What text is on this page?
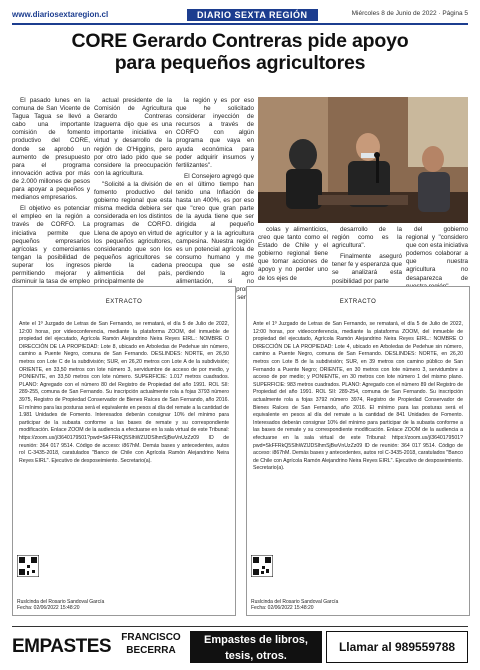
www.diariosextaregion.cl	DIARIO SEXTA REGIÓN	Miércoles 8 de Junio de 2022 · Página 5
CORE Gerardo Contreras pide apoyo
para pequeños agricultores

El pasado lunes en la comuna de San Vicente de Tagua Tagua se llevó a cabo una importante comisión de fomento productivo del CORE, donde se aprobó un aumento de presupuesto para el programa innovación activa por más de 2.000 millones de pesos para apoyar a pequeños y medianos empresarios.

El objetivo es potenciar el empleo en la región a través de CORFO. La iniciativa permite que pequeños empresarios agrícolas y comerciantes tengan la posibilidad de superar los ingresos permitiendo mejorar y disminuir la tasa de empleo

actual presidente de la Comisión de Agricultura Gerardo Contreras Izaguerra dijo que es una importante iniciativa en virtud y desarrollo de la región de O'Higgins, pero por otro lado pido que se considere la preocupación con la agricultura.

"Solicité a la división de fomento productivo del gobierno regional que esta misma medida debiera ser considerada en los distintos programas de CORFO. Llena de apoyo en virtud de los pequeños agricultores, considerando que son los pequeños agricultores se pierde la cadena alimenticia del país, principalmente de

la región y es por eso que he solicitado considerar inyección de recursos a través de CORFO con algún programa que vaya en ayuda económica para poder adquirir insumos y fertilizantes".

El Consejero agregó que en el último tiempo han tenido una Inflación de hasta un 400%, es por eso que "creo que gran parte de la ayuda tiene que ser dirigida al pequeño agricultor y a la agricultura campesina. Nuestra región es un potencial agrícola de consumo humano y me preocupa que se esté perdiendo la agro alimentación, si no

colas y alimenticios, creo que tanto como el Estado de Chile y el gobierno regional tiene que tomar acciones de apoyo y no perder uno de los ejes de

desarrollo de la región como es la agricultura".

Finalmente aseguró tener fe y esperanza que se analizará esta posibilidad por parte

del gobierno regional y "considero que con esta iniciativa podemos colaborar a que nuestra agricultura no desaparezca de

EXTRACTO
Ante el 1º Juzgado de Letras de San Fernando, se rematará, el día 5 de Julio de 2022, 12:00 horas, por videoconferencia, mediante la plataforma ZOOM, del inmueble de propiedad del ejecutado, Agrícola Ramón Alejandrino Neira Reyes EIRL.: NOMBRE O DIRECCIÓN DE LA PROPIEDAD: Lote 8, ubicado en Arboledas de Pedehue sin número, camino a Puente Negro, comuna de San Fernando. DESLINDES: NORTE, en 26,50 metros con Lote C de la subdivisión; SUR, en 26,20 metros con Lote A de la subdivisión; ORIENTE, en 33,50 metros con lote número 3, servidumbre de acceso de por medio, y PONIENTE, en 33,50 metros con lote número. SUPERFICIE: 1.017 metros cuadrados. PLANO: Agregado con el número 80 del Registro de Propiedad del año 1991. ROL SII: 289-255, comuna de San Fernando. Su inscripción actualmente rola a fojas 3793 número 3975, Registro de Propiedad Conservador de Bienes Raíces de San Fernando, año 2016. El mínimo para las posturas será el equivalente en pesos al día del remate a la cantidad de 1.981 Unidades de Fomento. Interesados deberán consignar 10% del mínimo para participar de la subasta conforme a las bases de remate y su correspondiente modificación. Enlace ZOOM de la audiencia a efectuarse en la sala virtual de este Tribunal: https://zoom.us/j/3640179501?pwd=SkFFRkQ5SlhWZlJDSlhmSjBwVnUzZz09 ID de reunión: 364 017 9514. Código de acceso: i867hM. Demás bases y antecedentes, autos rol C-3435-2018, caratulados "Banco de Chile con Agrícola Ramón Alejandrino Neira Reyes EIRL". Ejecutivo de desposeimiento. Secretario(a).
Ruslcinda del Rosario Sandoval García
Fecha: 02/06/2022 15:48:20
EXTRACTO
Ante el 1º Juzgado de Letras de San Fernando, se rematará, el día 5 de Julio de 2022, 12:00 horas, por videoconferencia, mediante la plataforma ZOOM, del inmueble de propiedad del ejecutado, Agrícola Ramón Alejandrino Neira Reyes EIRL.: NOMBRE O DIRECCIÓN DE LA PROPIEDAD: Lote 4, ubicado en Arboledas de Pedehue sin número, camino a Puente Negro, comuna de San Fernando. DESLINDES: NORTE, en 26,20 metros con Lote B de la subdivisión; SUR, en 39 metros con camino público de San Fernando a Puente Negro; ORIENTE, en 30 metros con lote número 3, servidumbre a acceso de por medio; y PONIENTE, en 30 metros con lote número 1 del mismo plano. SUPERFICIE: 983 metros cuadrados. PLANO: Agregado con el número 89 del Registro de Propiedad del año 1991. ROL SII: 289-254, comuna de San Fernando. Su inscripción actualmente rola a fojas 3792 número 3974, Registro de Propiedad Conservador de Bienes Raíces de San Fernando, año 2016. El mínimo para las posturas será el equivalente en pesos al día del remate a la cantidad de 841 Unidades de Fomento. Interesados deberán consignar 10% del mínimo para participar de la subasta conforme a las bases de remate y su correspondiente modificación. Enlace ZOOM de la audiencia a efectuarse en la sala virtual de este Tribunal: https://zoom.us/j/3640179501?pwd=SkFFRkQ5SlhWZlJDSlhmSjBwVnUzZz09 ID de reunión: 364 017 9514. Código de acceso: i867hM. Demás bases y antecedentes, autos rol C-3435-2018, caratulados "Banco de Chile con Agrícola Ramón Alejandrino Neira Reyes EIRL". Ejecutivo de desposeimiento. Secretario(a).
Ruslcinda del Rosario Sandoval García
Fecha: 02/06/2022 15:48:20
EMPASTES	FRANCISCO
BECERRA
Empastes de libros,
tesis, otros.
Llamar al 989559788
